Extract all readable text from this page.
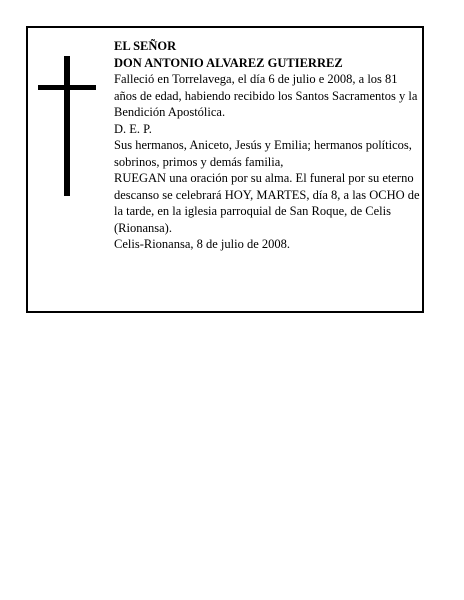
EL SEÑOR

DON ANTONIO ALVAREZ GUTIERREZ

Falleció en Torrelavega, el día 6 de julio e 2008, a los 81 años de edad, habiendo recibido los Santos Sacramentos y la Bendición Apostólica.

D. E. P.

Sus hermanos, Aniceto, Jesús y Emilia; hermanos políticos, sobrinos, primos y demás familia,

RUEGAN una oración por su alma. El funeral por su eterno descanso se celebrará HOY, MARTES, día 8, a las OCHO de la tarde, en la iglesia parroquial de San Roque, de Celis (Rionansa).

Celis-Rionansa, 8 de julio de 2008.
